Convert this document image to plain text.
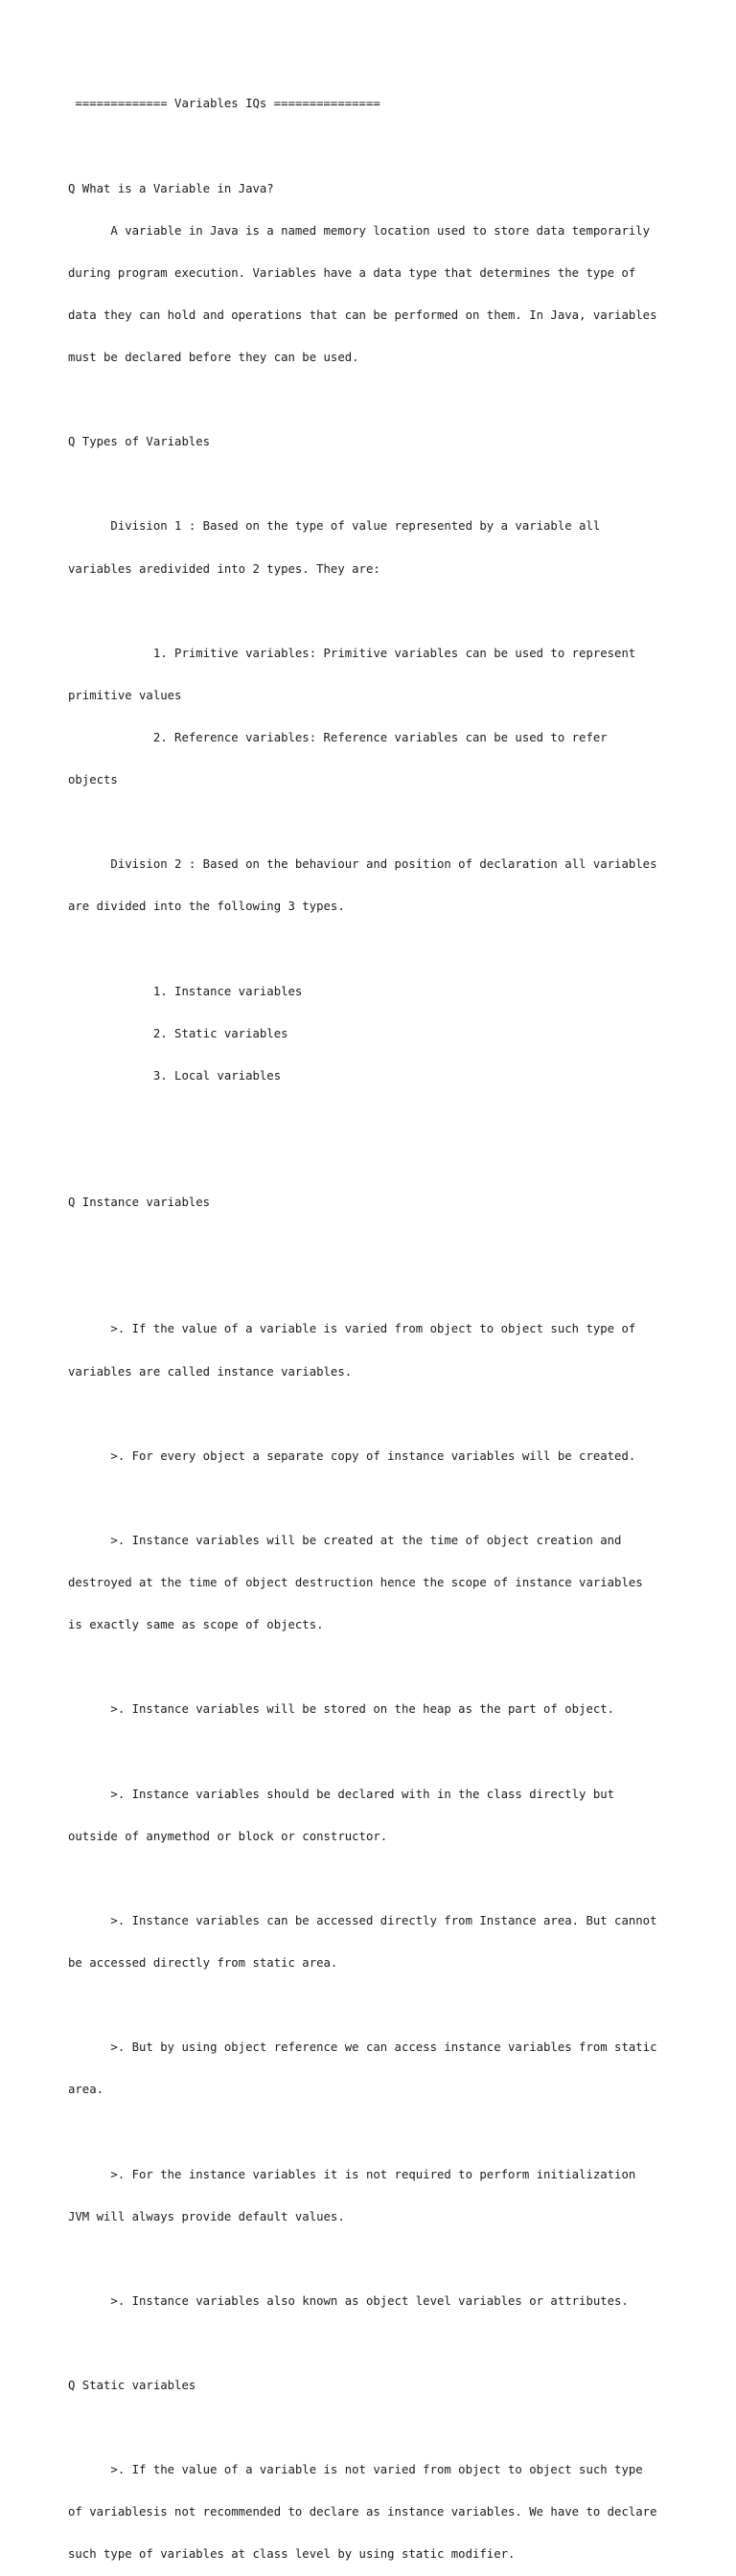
============= Variables IQs ===============

Q What is a Variable in Java?

A variable in Java is a named memory location used to store data temporarily

during program execution. Variables have a data type that determines the type of

data they can hold and operations that can be performed on them. In Java, variables

must be declared before they can be used.

Q Types of Variables

Division 1 : Based on the type of value represented by a variable all

variables aredivided into 2 types. They are:

1. Primitive variables: Primitive variables can be used to represent

primitive values

2. Reference variables: Reference variables can be used to refer

objects

Division 2 : Based on the behaviour and position of declaration all variables

are divided into the following 3 types.

1. Instance variables

2. Static variables

3. Local variables

Q Instance variables

>. If the value of a variable is varied from object to object such type of

variables are called instance variables.

>. For every object a separate copy of instance variables will be created.

>. Instance variables will be created at the time of object creation and

destroyed at the time of object destruction hence the scope of instance variables

is exactly same as scope of objects.

>. Instance variables will be stored on the heap as the part of object.

>. Instance variables should be declared with in the class directly but

outside of anymethod or block or constructor.

>. Instance variables can be accessed directly from Instance area. But cannot

be accessed directly from static area.

>. But by using object reference we can access instance variables from static

area.

>. For the instance variables it is not required to perform initialization

JVM will always provide default values.

>. Instance variables also known as object level variables or attributes.

Q Static variables

>. If the value of a variable is not varied from object to object such type

of variablesis not recommended to declare as instance variables. We have to declare

such type of variables at class level by using static modifier.
